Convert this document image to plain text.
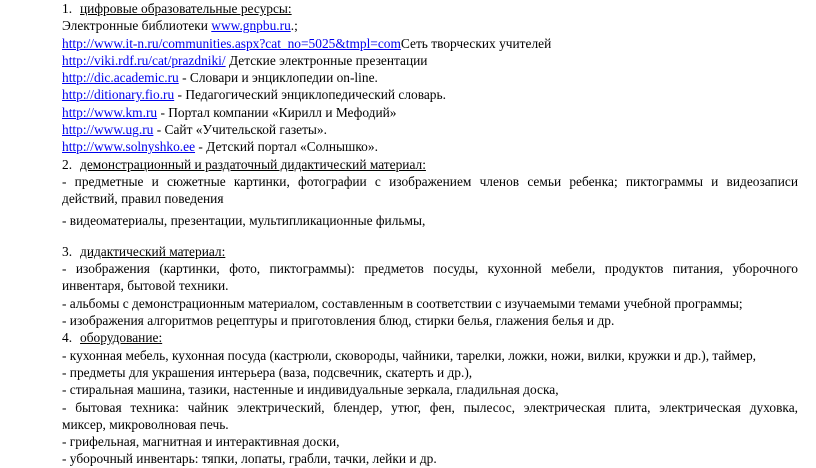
1. цифровые образовательные ресурсы:
Электронные библиотеки www.gnpbu.ru.;
http://www.it-n.ru/communities.aspx?cat_no=5025&tmpl=comСеть творческих учителей
http://viki.rdf.ru/cat/prazdniki/ Детские электронные презентации
http://dic.academic.ru - Словари и энциклопедии on-line.
http://ditionary.fio.ru - Педагогический энциклопедический словарь.
http://www.km.ru - Портал компании «Кирилл и Мефодий»
http://www.ug.ru - Сайт «Учительской газеты».
http://www.solnyshko.ee - Детский портал «Солнышко».
2. демонстрационный и раздаточный дидактический материал:
- предметные и сюжетные картинки, фотографии с изображением членов семьи ребенка; пиктограммы и видеозаписи
действий, правил поведения
- видеоматериалы, презентации, мультипликационные фильмы,
3. дидактический материал:
- изображения (картинки, фото, пиктограммы): предметов посуды, кухонной мебели, продуктов питания, уборочного
инвентаря, бытовой техники.
- альбомы с демонстрационным материалом, составленным в соответствии с изучаемыми темами учебной программы;
- изображения алгоритмов рецептуры и приготовления блюд, стирки белья, глажения белья и др.
4. оборудование:
- кухонная мебель, кухонная посуда (кастрюли, сковороды, чайники, тарелки, ложки, ножи, вилки, кружки и др.), таймер,
- предметы для украшения интерьера (ваза, подсвечник, скатерть и др.),
- стиральная машина, тазики, настенные и индивидуальные зеркала, гладильная доска,
- бытовая техника: чайник электрический, блендер, утюг, фен, пылесос, электрическая плита, электрическая духовка,
миксер, микроволновая печь.
- грифельная, магнитная и интерактивная доски,
- уборочный инвентарь: тяпки, лопаты, грабли, тачки, лейки и др.
